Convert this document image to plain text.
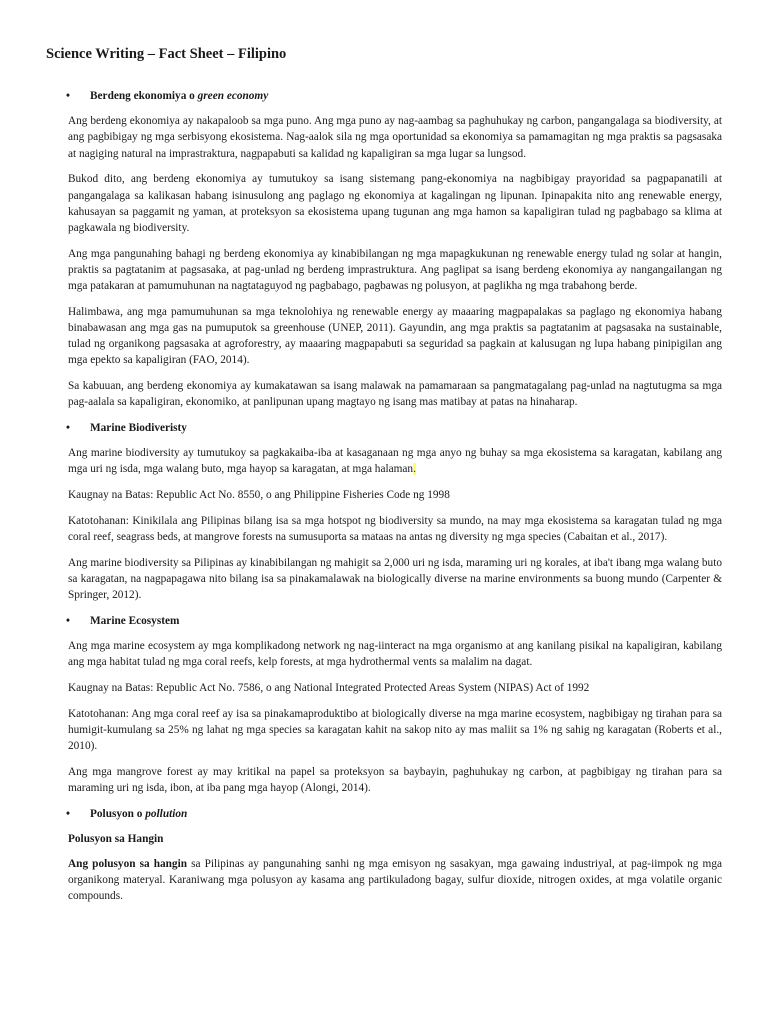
Science Writing – Fact Sheet – Filipino

• Berdeng ekonomiya o green economy

Ang berdeng ekonomiya ay nakapaloob sa mga puno. Ang mga puno ay nag-aambag sa paghuhukay ng carbon, pangangalaga sa biodiversity, at ang pagbibigay ng mga serbisyong ekosistema. Nag-aalok sila ng mga oportunidad sa ekonomiya sa pamamagitan ng mga praktis sa pagsasaka at nagiging natural na imprastraktura, nagpapabuti sa kalidad ng kapaligiran sa mga lugar sa lungsod.

Bukod dito, ang berdeng ekonomiya ay tumutukoy sa isang sistemang pang-ekonomiya na nagbibigay prayoridad sa pagpapanatili at pangangalaga sa kalikasan habang isinusulong ang paglago ng ekonomiya at kagalingan ng lipunan. Ipinapakita nito ang renewable energy, kahusayan sa paggamit ng yaman, at proteksyon sa ekosistema upang tugunan ang mga hamon sa kapaligiran tulad ng pagbabago sa klima at pagkawala ng biodiversity.

Ang mga pangunahing bahagi ng berdeng ekonomiya ay kinabibilangan ng mga mapagkukunan ng renewable energy tulad ng solar at hangin, praktis sa pagtatanim at pagsasaka, at pag-unlad ng berdeng imprastruktura. Ang paglipat sa isang berdeng ekonomiya ay nangangailangan ng mga patakaran at pamumuhunan na nagtataguyod ng pagbabago, pagbawas ng polusyon, at paglikha ng mga trabahong berde.

Halimbawa, ang mga pamumuhunan sa mga teknolohiya ng renewable energy ay maaaring magpapalakas sa paglago ng ekonomiya habang binabawasan ang mga gas na pumuputok sa greenhouse (UNEP, 2011). Gayundin, ang mga praktis sa pagtatanim at pagsasaka na sustainable, tulad ng organikong pagsasaka at agroforestry, ay maaaring magpapabuti sa seguridad sa pagkain at kalusugan ng lupa habang pinipigilan ang mga epekto sa kapaligiran (FAO, 2014).

Sa kabuuan, ang berdeng ekonomiya ay kumakatawan sa isang malawak na pamamaraan sa pangmatagalang pag-unlad na nagtutugma sa mga pag-aalala sa kapaligiran, ekonomiko, at panlipunan upang magtayo ng isang mas matibay at patas na hinaharap.

• Marine Biodiveristy

Ang marine biodiversity ay tumutukoy sa pagkakaiba-iba at kasaganaan ng mga anyo ng buhay sa mga ekosistema sa karagatan, kabilang ang mga uri ng isda, mga walang buto, mga hayop sa karagatan, at mga halaman.

Kaugnay na Batas: Republic Act No. 8550, o ang Philippine Fisheries Code ng 1998

Katotohanan: Kinikilala ang Pilipinas bilang isa sa mga hotspot ng biodiversity sa mundo, na may mga ekosistema sa karagatan tulad ng mga coral reef, seagrass beds, at mangrove forests na sumusuporta sa mataas na antas ng diversity ng mga species (Cabaitan et al., 2017).

Ang marine biodiversity sa Pilipinas ay kinabibilangan ng mahigit sa 2,000 uri ng isda, maraming uri ng korales, at iba't ibang mga walang buto sa karagatan, na nagpapagawa nito bilang isa sa pinakamalawak na biologically diverse na marine environments sa buong mundo (Carpenter & Springer, 2012).

• Marine Ecosystem

Ang mga marine ecosystem ay mga komplikadong network ng nag-iinteract na mga organismo at ang kanilang pisikal na kapaligiran, kabilang ang mga habitat tulad ng mga coral reefs, kelp forests, at mga hydrothermal vents sa malalim na dagat.

Kaugnay na Batas: Republic Act No. 7586, o ang National Integrated Protected Areas System (NIPAS) Act of 1992

Katotohanan: Ang mga coral reef ay isa sa pinakamaproduktibo at biologically diverse na mga marine ecosystem, nagbibigay ng tirahan para sa humigit-kumulang sa 25% ng lahat ng mga species sa karagatan kahit na sakop nito ay mas maliit sa 1% ng sahig ng karagatan (Roberts et al., 2010).

Ang mga mangrove forest ay may kritikal na papel sa proteksyon sa baybayin, paghuhukay ng carbon, at pagbibigay ng tirahan para sa maraming uri ng isda, ibon, at iba pang mga hayop (Alongi, 2014).

• Polusyon o pollution

Polusyon sa Hangin

Ang polusyon sa hangin sa Pilipinas ay pangunahing sanhi ng mga emisyon ng sasakyan, mga gawaing industriyal, at pag-iimpok ng mga organikong materyal. Karaniwang mga polusyon ay kasama ang partikuladong bagay, sulfur dioxide, nitrogen oxides, at mga volatile organic compounds.
